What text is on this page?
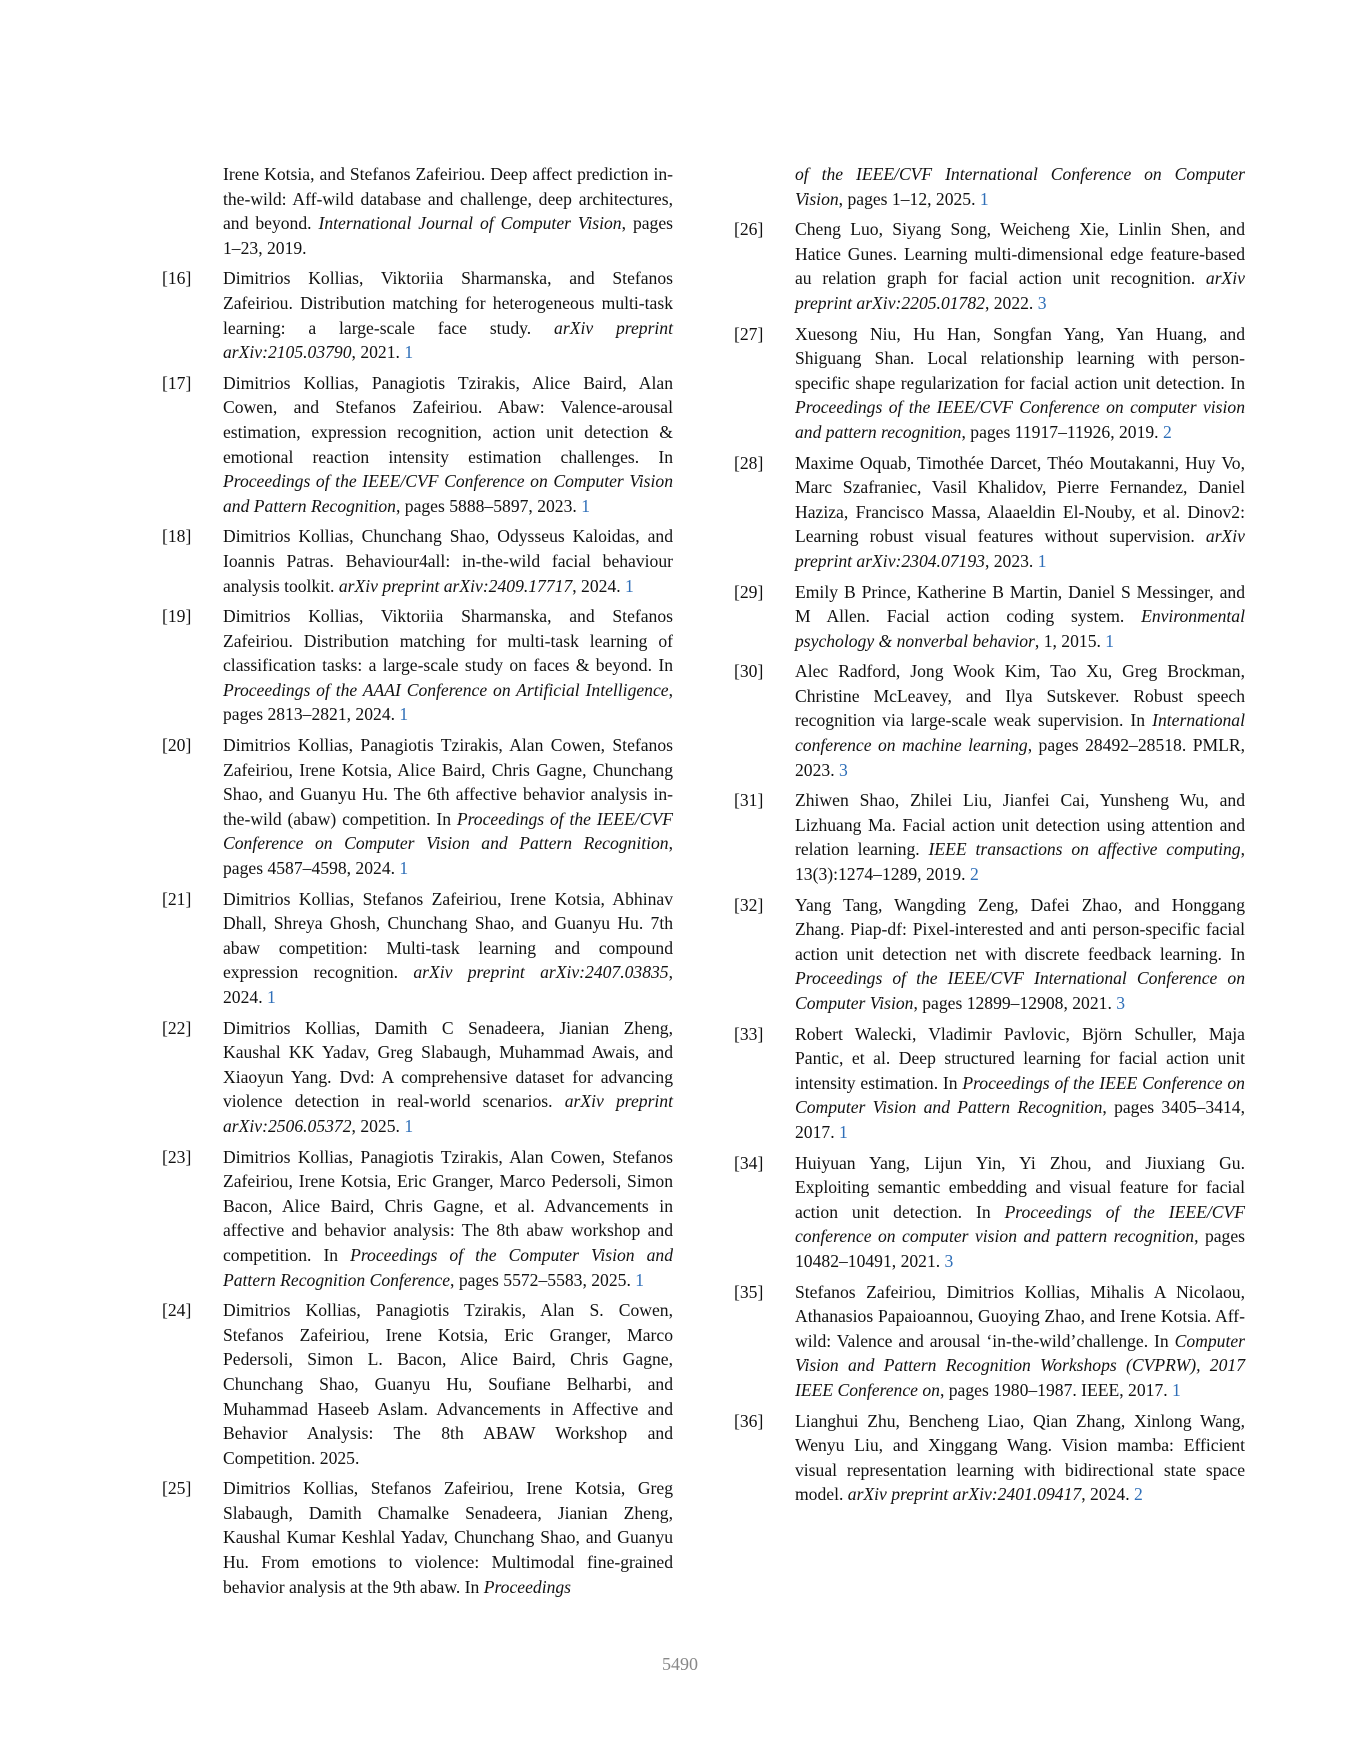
Irene Kotsia, and Stefanos Zafeiriou. Deep affect prediction in-the-wild: Aff-wild database and challenge, deep architectures, and beyond. International Journal of Computer Vision, pages 1–23, 2019.
[16] Dimitrios Kollias, Viktoriia Sharmanska, and Stefanos Zafeiriou. Distribution matching for heterogeneous multi-task learning: a large-scale face study. arXiv preprint arXiv:2105.03790, 2021. 1
[17] Dimitrios Kollias, Panagiotis Tzirakis, Alice Baird, Alan Cowen, and Stefanos Zafeiriou. Abaw: Valence-arousal estimation, expression recognition, action unit detection & emotional reaction intensity estimation challenges. In Proceedings of the IEEE/CVF Conference on Computer Vision and Pattern Recognition, pages 5888–5897, 2023. 1
[18] Dimitrios Kollias, Chunchang Shao, Odysseus Kaloidas, and Ioannis Patras. Behaviour4all: in-the-wild facial behaviour analysis toolkit. arXiv preprint arXiv:2409.17717, 2024. 1
[19] Dimitrios Kollias, Viktoriia Sharmanska, and Stefanos Zafeiriou. Distribution matching for multi-task learning of classification tasks: a large-scale study on faces & beyond. In Proceedings of the AAAI Conference on Artificial Intelligence, pages 2813–2821, 2024. 1
[20] Dimitrios Kollias, Panagiotis Tzirakis, Alan Cowen, Stefanos Zafeiriou, Irene Kotsia, Alice Baird, Chris Gagne, Chunchang Shao, and Guanyu Hu. The 6th affective behavior analysis in-the-wild (abaw) competition. In Proceedings of the IEEE/CVF Conference on Computer Vision and Pattern Recognition, pages 4587–4598, 2024. 1
[21] Dimitrios Kollias, Stefanos Zafeiriou, Irene Kotsia, Abhinav Dhall, Shreya Ghosh, Chunchang Shao, and Guanyu Hu. 7th abaw competition: Multi-task learning and compound expression recognition. arXiv preprint arXiv:2407.03835, 2024. 1
[22] Dimitrios Kollias, Damith C Senadeera, Jianian Zheng, Kaushal KK Yadav, Greg Slabaugh, Muhammad Awais, and Xiaoyun Yang. Dvd: A comprehensive dataset for advancing violence detection in real-world scenarios. arXiv preprint arXiv:2506.05372, 2025. 1
[23] Dimitrios Kollias, Panagiotis Tzirakis, Alan Cowen, Stefanos Zafeiriou, Irene Kotsia, Eric Granger, Marco Pedersoli, Simon Bacon, Alice Baird, Chris Gagne, et al. Advancements in affective and behavior analysis: The 8th abaw workshop and competition. In Proceedings of the Computer Vision and Pattern Recognition Conference, pages 5572–5583, 2025. 1
[24] Dimitrios Kollias, Panagiotis Tzirakis, Alan S. Cowen, Stefanos Zafeiriou, Irene Kotsia, Eric Granger, Marco Pedersoli, Simon L. Bacon, Alice Baird, Chris Gagne, Chunchang Shao, Guanyu Hu, Soufiane Belharbi, and Muhammad Haseeb Aslam. Advancements in Affective and Behavior Analysis: The 8th ABAW Workshop and Competition. 2025.
[25] Dimitrios Kollias, Stefanos Zafeiriou, Irene Kotsia, Greg Slabaugh, Damith Chamalke Senadeera, Jianian Zheng, Kaushal Kumar Keshlal Yadav, Chunchang Shao, and Guanyu Hu. From emotions to violence: Multimodal fine-grained behavior analysis at the 9th abaw. In Proceedings
of the IEEE/CVF International Conference on Computer Vision, pages 1–12, 2025. 1
[26] Cheng Luo, Siyang Song, Weicheng Xie, Linlin Shen, and Hatice Gunes. Learning multi-dimensional edge feature-based au relation graph for facial action unit recognition. arXiv preprint arXiv:2205.01782, 2022. 3
[27] Xuesong Niu, Hu Han, Songfan Yang, Yan Huang, and Shiguang Shan. Local relationship learning with person-specific shape regularization for facial action unit detection. In Proceedings of the IEEE/CVF Conference on computer vision and pattern recognition, pages 11917–11926, 2019. 2
[28] Maxime Oquab, Timothée Darcet, Théo Moutakanni, Huy Vo, Marc Szafraniec, Vasil Khalidov, Pierre Fernandez, Daniel Haziza, Francisco Massa, Alaaeldin El-Nouby, et al. Dinov2: Learning robust visual features without supervision. arXiv preprint arXiv:2304.07193, 2023. 1
[29] Emily B Prince, Katherine B Martin, Daniel S Messinger, and M Allen. Facial action coding system. Environmental psychology & nonverbal behavior, 1, 2015. 1
[30] Alec Radford, Jong Wook Kim, Tao Xu, Greg Brockman, Christine McLeavey, and Ilya Sutskever. Robust speech recognition via large-scale weak supervision. In International conference on machine learning, pages 28492–28518. PMLR, 2023. 3
[31] Zhiwen Shao, Zhilei Liu, Jianfei Cai, Yunsheng Wu, and Lizhuang Ma. Facial action unit detection using attention and relation learning. IEEE transactions on affective computing, 13(3):1274–1289, 2019. 2
[32] Yang Tang, Wangding Zeng, Dafei Zhao, and Honggang Zhang. Piap-df: Pixel-interested and anti person-specific facial action unit detection net with discrete feedback learning. In Proceedings of the IEEE/CVF International Conference on Computer Vision, pages 12899–12908, 2021. 3
[33] Robert Walecki, Vladimir Pavlovic, Björn Schuller, Maja Pantic, et al. Deep structured learning for facial action unit intensity estimation. In Proceedings of the IEEE Conference on Computer Vision and Pattern Recognition, pages 3405–3414, 2017. 1
[34] Huiyuan Yang, Lijun Yin, Yi Zhou, and Jiuxiang Gu. Exploiting semantic embedding and visual feature for facial action unit detection. In Proceedings of the IEEE/CVF conference on computer vision and pattern recognition, pages 10482–10491, 2021. 3
[35] Stefanos Zafeiriou, Dimitrios Kollias, Mihalis A Nicolaou, Athanasios Papaioannou, Guoying Zhao, and Irene Kotsia. Aff-wild: Valence and arousal ‘in-the-wild’challenge. In Computer Vision and Pattern Recognition Workshops (CVPRW), 2017 IEEE Conference on, pages 1980–1987. IEEE, 2017. 1
[36] Lianghui Zhu, Bencheng Liao, Qian Zhang, Xinlong Wang, Wenyu Liu, and Xinggang Wang. Vision mamba: Efficient visual representation learning with bidirectional state space model. arXiv preprint arXiv:2401.09417, 2024. 2
5490
